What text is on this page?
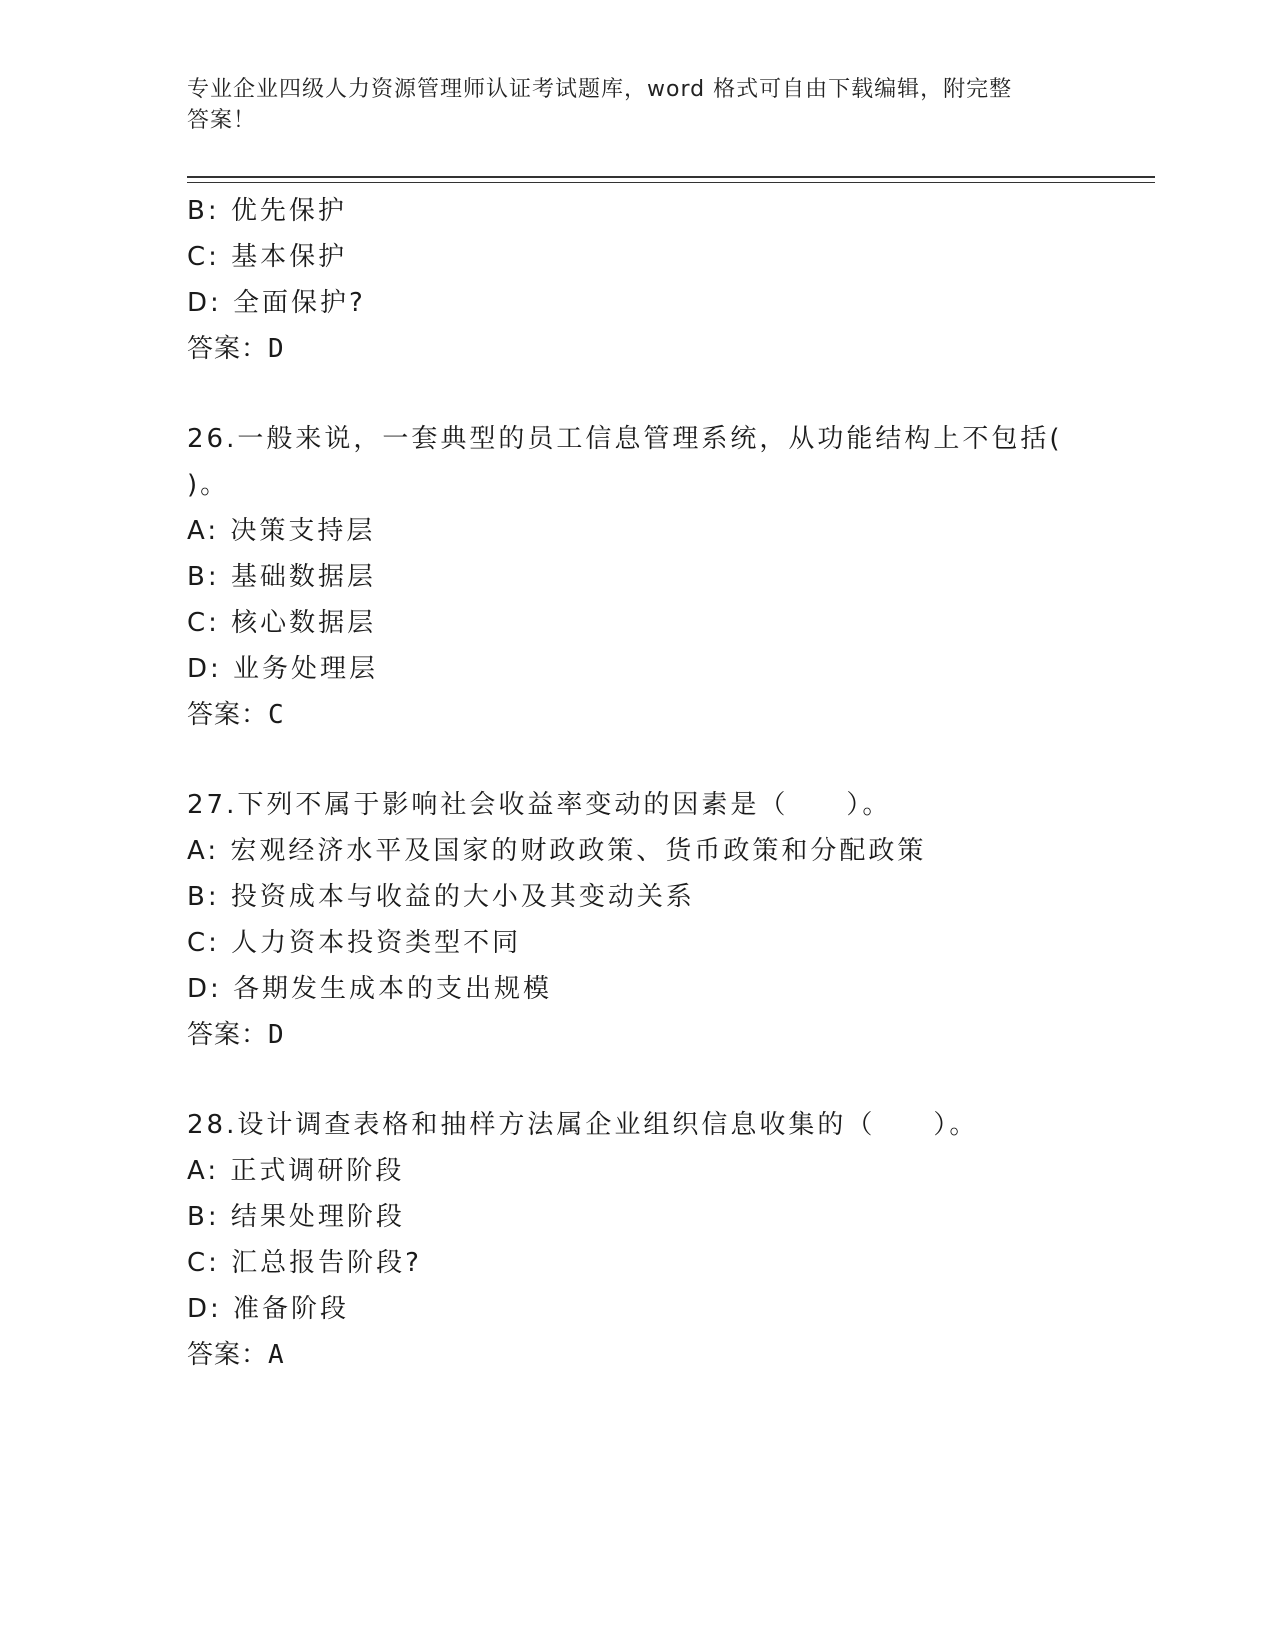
专业企业四级人力资源管理师认证考试题库，word 格式可自由下载编辑，附完整
答案！
B: 优先保护
C: 基本保护
D: 全面保护?
答案：D
26.一般来说，一套典型的员工信息管理系统，从功能结构上不包括(
)。
A: 决策支持层
B: 基础数据层
C: 核心数据层
D: 业务处理层
答案：C
27.下列不属于影响社会收益率变动的因素是（　　）。
A: 宏观经济水平及国家的财政政策、货币政策和分配政策
B: 投资成本与收益的大小及其变动关系
C: 人力资本投资类型不同
D: 各期发生成本的支出规模
答案：D
28.设计调查表格和抽样方法属企业组织信息收集的（　　）。
A: 正式调研阶段
B: 结果处理阶段
C: 汇总报告阶段?
D: 准备阶段
答案：A
